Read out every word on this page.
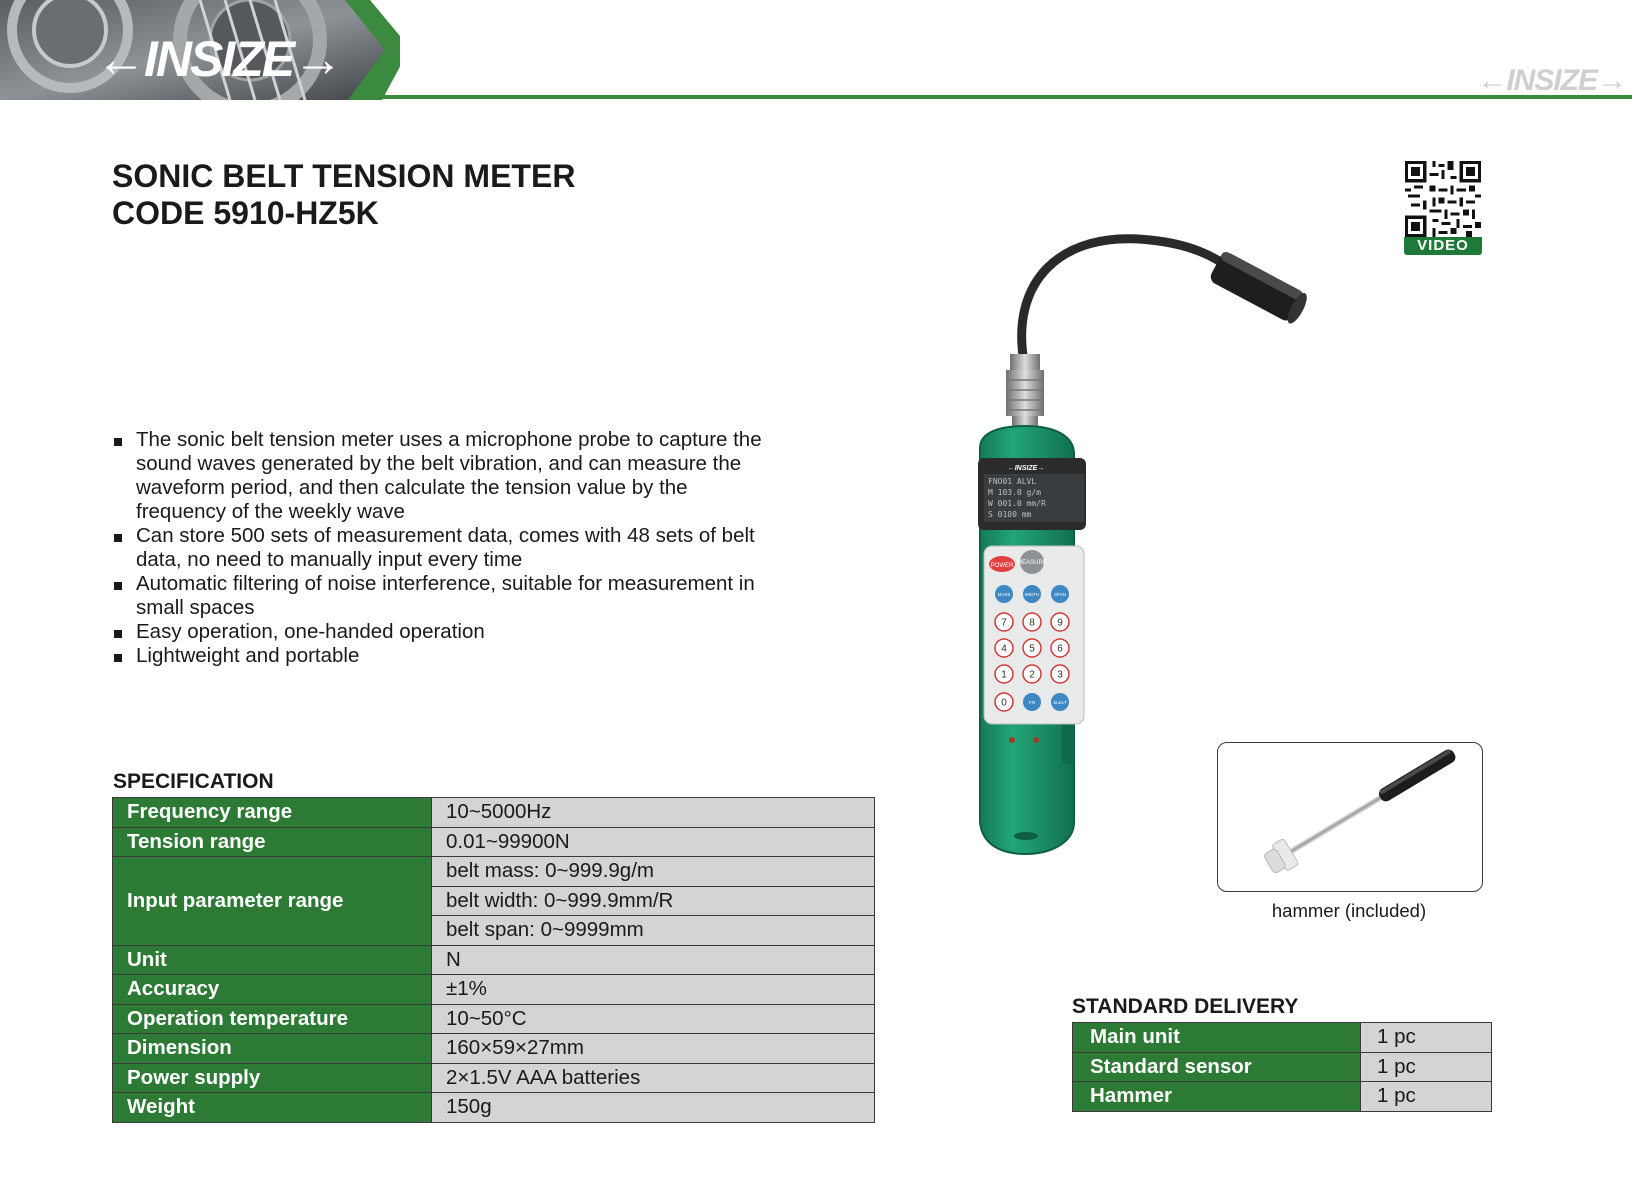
←INSIZE→	←INSIZE→
SONIC BELT TENSION METER
CODE 5910-HZ5K
VIDEO
The sonic belt tension meter uses a microphone probe to capture the sound waves generated by the belt vibration, and can measure the waveform period, and then calculate the tension value by the frequency of the weekly wave
Can store 500 sets of measurement data, comes with 48 sets of belt data, no need to manually input every time
Automatic filtering of noise interference, suitable for measurement in small spaces
Easy operation, one-handed operation
Lightweight and portable
SPECIFICATION
Frequency range	10~5000Hz
Tension range	0.01~99900N
Input parameter range	belt mass: 0~999.9g/m
	belt width: 0~999.9mm/R
	belt span: 0~9999mm
Unit	N
Accuracy	±1%
Operation temperature	10~50°C
Dimension	160×59×27mm
Power supply	2×1.5V AAA batteries
Weight	150g
←INSIZE→
FNO01 ALVL
M 103.0 g/m
W 001.0 mm/R
S 0100 mm
POWER MEASURE
MASS	WIDTH	SPAN
7 8 9
4 5 6
1 2 3
0	FN	SLELT
hammer (included)
STANDARD DELIVERY
Main unit	1 pc
Standard sensor	1 pc
Hammer	1 pc
